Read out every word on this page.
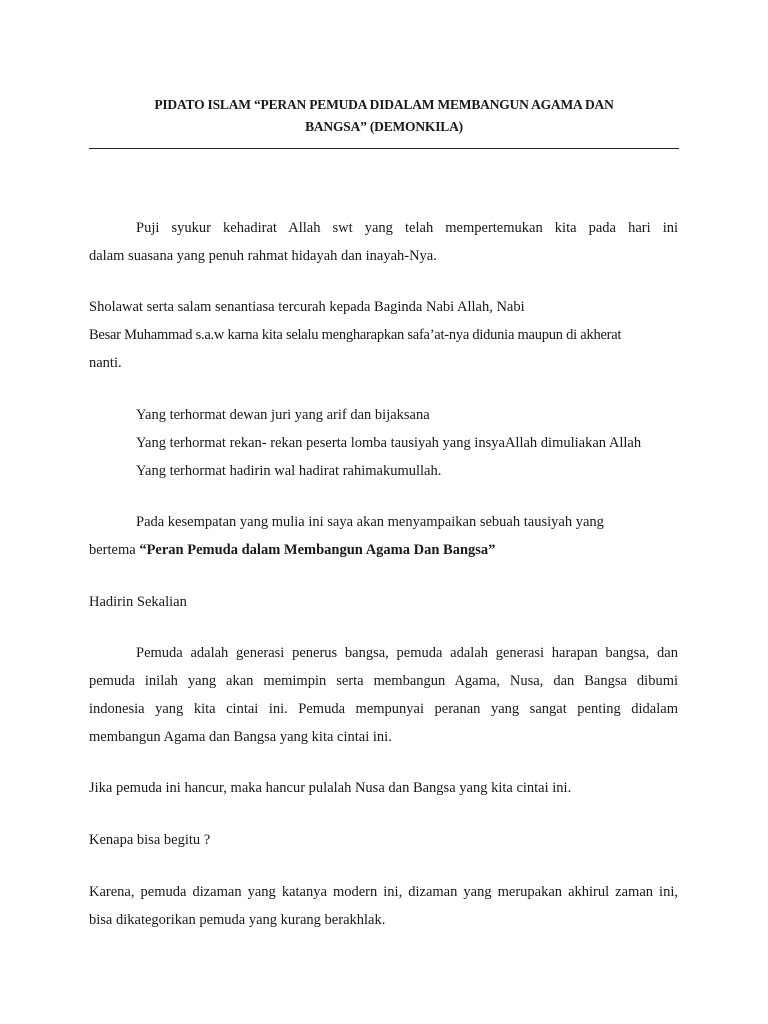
PIDATO ISLAM “PERAN PEMUDA DIDALAM MEMBANGUN AGAMA DAN
BANGSA” (DEMONKILA)
Puji syukur kehadirat Allah swt yang telah mempertemukan kita pada hari ini
dalam suasana yang penuh rahmat hidayah dan inayah-Nya.
Sholawat serta salam senantiasa tercurah kepada Baginda Nabi Allah, Nabi
Besar Muhammad s.a.w karna kita selalu mengharapkan safa’at-nya didunia maupun di akherat
nanti.
Yang terhormat dewan juri yang arif dan bijaksana
Yang terhormat rekan- rekan peserta lomba tausiyah yang insyaAllah dimuliakan Allah
Yang terhormat hadirin wal hadirat rahimakumullah.
Pada kesempatan yang mulia ini saya akan menyampaikan sebuah tausiyah yang
bertema “Peran Pemuda dalam Membangun Agama Dan Bangsa”
Hadirin Sekalian
Pemuda adalah generasi penerus bangsa, pemuda adalah generasi harapan bangsa, dan
pemuda inilah yang akan memimpin serta membangun Agama, Nusa, dan Bangsa dibumi
indonesia yang kita cintai ini. Pemuda mempunyai peranan yang sangat penting didalam
membangun Agama dan Bangsa yang kita cintai ini.
Jika pemuda ini hancur, maka hancur pulalah Nusa dan Bangsa yang kita cintai ini.
Kenapa bisa begitu ?
Karena, pemuda dizaman yang katanya modern ini, dizaman yang merupakan akhirul zaman ini,
bisa dikategorikan pemuda yang kurang berakhlak.
